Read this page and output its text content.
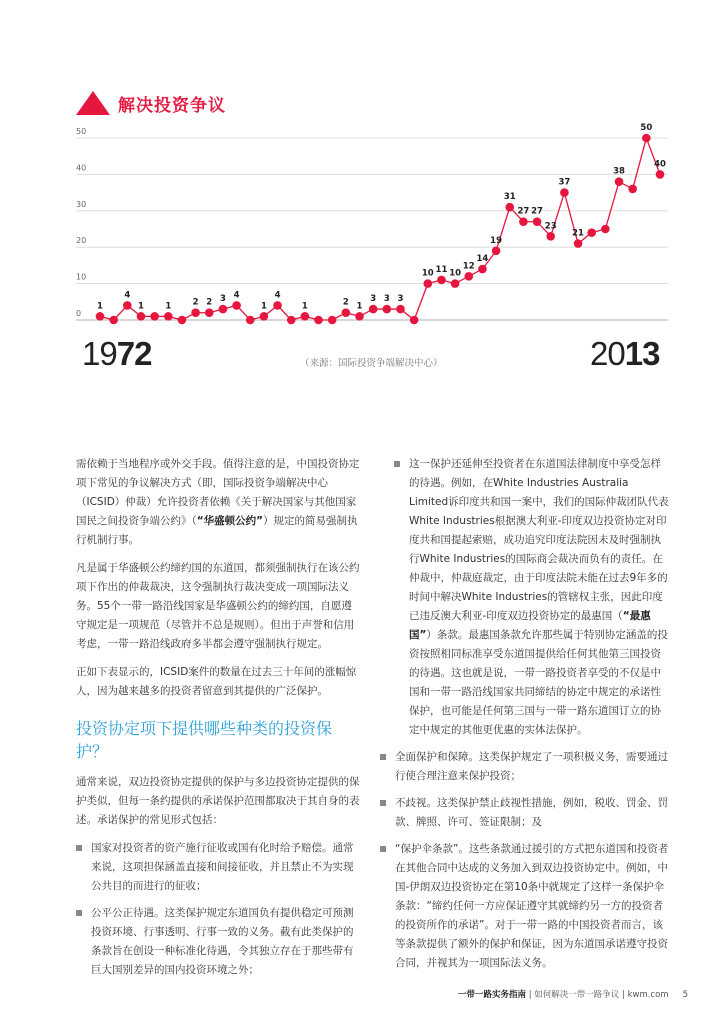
解决投资争议
50
40
30
20
10
0
1
4
1	1	2 2 3 4
1
4
1	2 1
3 3 3
10 11 10
12
14
19
31
27 27
23
37
21
38
50
40
1972	2013
（来源：国际投资争端解决中心）

需依赖于当地程序或外交手段。值得注意的是，中国投资协定项下常见的争议解决方式（即，国际投资争端解决中心（ICSID）仲裁）允许投资者依赖《关于解决国家与其他国家国民之间投资争端公约》（“华盛顿公约”）规定的简易强制执行机制行事。

凡是属于华盛顿公约缔约国的东道国，都须强制执行在该公约项下作出的仲裁裁决，这令强制执行裁决变成一项国际法义务。55个一带一路沿线国家是华盛顿公约的缔约国，自愿遵守规定是一项规范（尽管并不总是规则）。但出于声誉和信用考虑，一带一路沿线政府多半都会遵守强制执行规定。

正如下表显示的，ICSID案件的数量在过去三十年间的涨幅惊人，因为越来越多的投资者留意到其提供的广泛保护。

投资协定项下提供哪些种类的投资保护？

通常来说，双边投资协定提供的保护与多边投资协定提供的保护类似，但每一条约提供的承诺保护范围都取决于其自身的表述。承诺保护的常见形式包括：

国家对投资者的资产施行征收或国有化时给予赔偿。通常来说，这项担保涵盖直接和间接征收，并且禁止不为实现公共目的而进行的征收；
公平公正待遇。这类保护规定东道国负有提供稳定可预测投资环境、行事透明、行事一致的义务。截有此类保护的条款旨在创设一种标准化待遇，令其独立存在于那些带有巨大国别差异的国内投资环境之外；
这一保护还延伸至投资者在东道国法律制度中享受怎样的待遇。例如，在White Industries Australia Limited诉印度共和国一案中，我们的国际仲裁团队代表White Industries根据澳大利亚-印度双边投资协定对印度共和国提起索赔，成功追究印度法院因未及时强制执行White Industries的国际商会裁决而负有的责任。在仲裁中，仲裁庭裁定，由于印度法院未能在过去9年多的时间中解决White Industries的管辖权主张，因此印度已违反澳大利亚-印度双边投资协定的最惠国（“最惠国”）条款。最惠国条款允许那些属于特别协定涵盖的投资按照相同标准享受东道国提供给任何其他第三国投资的待遇。这也就是说，一带一路投资者享受的不仅是中国和一带一路沿线国家共同缔结的协定中规定的承诺性保护，也可能是任何第三国与一带一路东道国订立的协定中规定的其他更优惠的实体法保护。
全面保护和保障。这类保护规定了一项积极义务，需要通过行使合理注意来保护投资；
不歧视。这类保护禁止歧视性措施，例如，税收、罚金、罚款、牌照、许可、签证限制；及
“保护伞条款”。这些条款通过援引的方式把东道国和投资者在其他合同中达成的义务加入到双边投资协定中。例如，中国-伊朗双边投资协定在第10条中就规定了这样一条保护伞条款：“缔约任何一方应保证遵守其就缔约另一方的投资者的投资所作的承诺”。对于一带一路的中国投资者而言，该等条款提供了额外的保护和保证，因为东道国承诺遵守投资合同，并视其为一项国际法义务。
一带一路实务指南 | 如何解决一带一路争议 | kwm.com 5
